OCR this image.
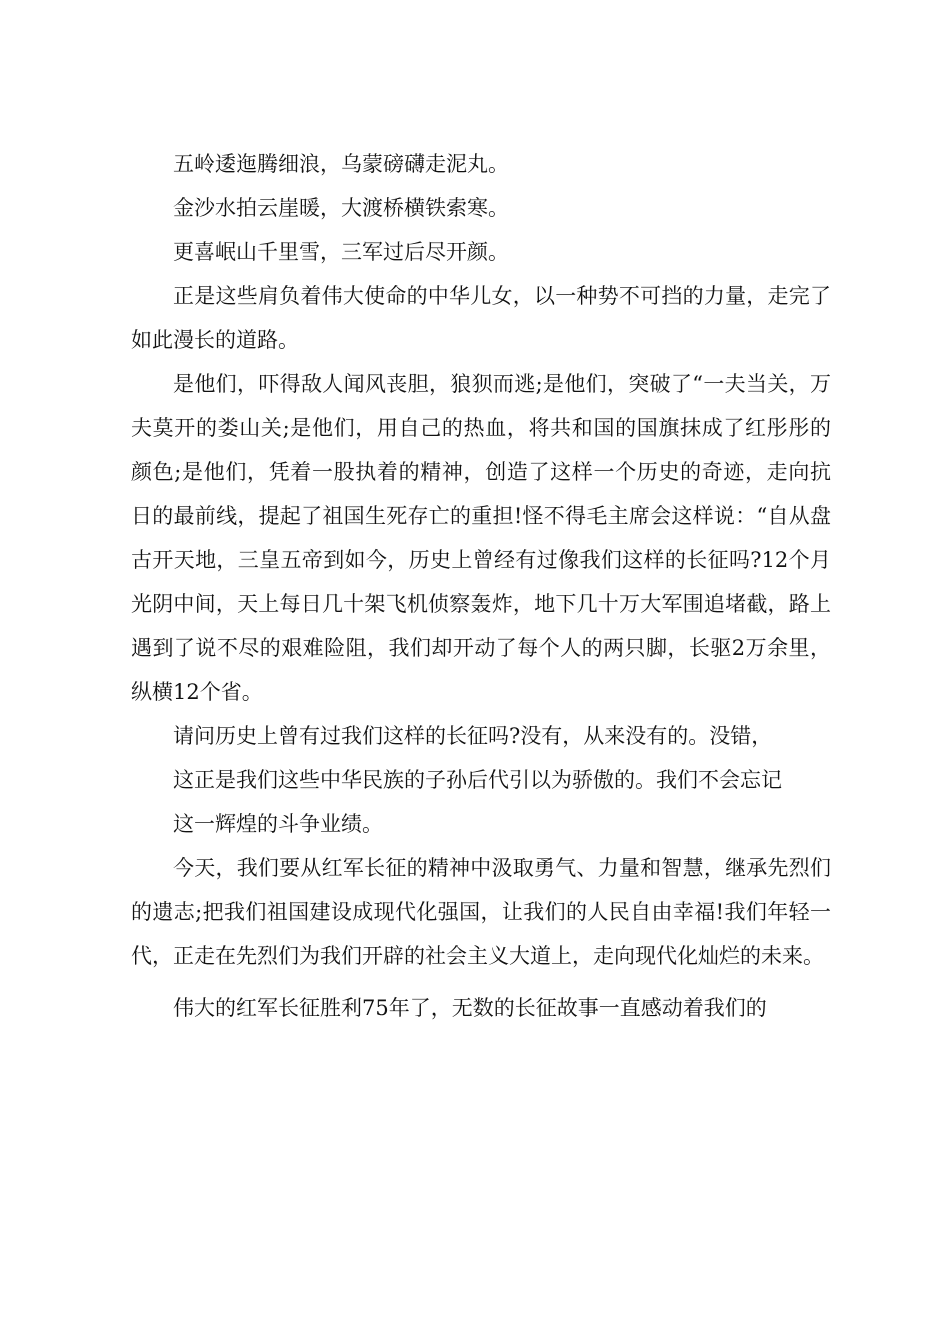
五岭逶迤腾细浪，乌蒙磅礴走泥丸。

金沙水拍云崖暖，大渡桥横铁索寒。

更喜岷山千里雪，三军过后尽开颜。

正是这些肩负着伟大使命的中华儿女，以一种势不可挡的力量，走完了如此漫长的道路。

是他们，吓得敌人闻风丧胆，狼狈而逃;是他们，突破了“一夫当关，万夫莫开的娄山关;是他们，用自己的热血，将共和国的国旗抹成了红彤彤的颜色;是他们，凭着一股执着的精神，创造了这样一个历史的奇迹，走向抗日的最前线，提起了祖国生死存亡的重担!怪不得毛主席会这样说：“自从盘古开天地，三皇五帝到如今，历史上曾经有过像我们这样的长征吗?12个月光阴中间，天上每日几十架飞机侦察轰炸，地下几十万大军围追堵截，路上遇到了说不尽的艰难险阻，我们却开动了每个人的两只脚，长驱2万余里，纵横12个省。

请问历史上曾有过我们这样的长征吗?没有，从来没有的。没错，

这正是我们这些中华民族的子孙后代引以为骄傲的。我们不会忘记

这一辉煌的斗争业绩。

今天，我们要从红军长征的精神中汲取勇气、力量和智慧，继承先烈们的遗志;把我们祖国建设成现代化强国，让我们的人民自由幸福!我们年轻一代，正走在先烈们为我们开辟的社会主义大道上，走向现代化灿烂的未来。

伟大的红军长征胜利75年了，无数的长征故事一直感动着我们的
